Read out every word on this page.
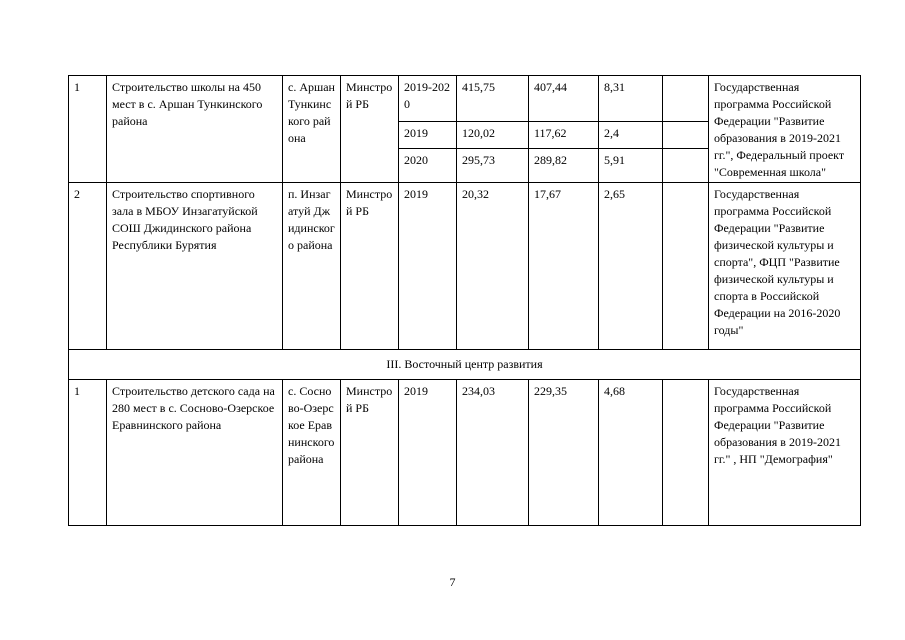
1	Строительство школы на 450 мест в с. Аршан Тункинского района	с. Аршан Тункинского района	Минстрой РБ	2019-2020	415,75	407,44	8,31		Государственная программа Российской Федерации "Развитие образования в 2019-2021 гг.", Федеральный проект "Современная школа"
				2019	120,02	117,62	2,4		
				2020	295,73	289,82	5,91		
2	Строительство спортивного зала в МБОУ Инзагатуйской СОШ Джидинского района Республики Бурятия	п. Инзагатуй Джидинского района	Минстрой РБ	2019	20,32	17,67	2,65		Государственная программа Российской Федерации "Развитие физической культуры и спорта", ФЦП "Развитие физической культуры и спорта в Российской Федерации на 2016-2020 годы"
III. Восточный центр развития									
1	Строительство детского сада на 280 мест в с. Сосново-Озерское Еравнинского района	с. Сосново-Озерское Еравнинского района	Минстрой РБ	2019	234,03	229,35	4,68		Государственная программа Российской Федерации "Развитие образования в 2019-2021 гг." , НП "Демография"
7
